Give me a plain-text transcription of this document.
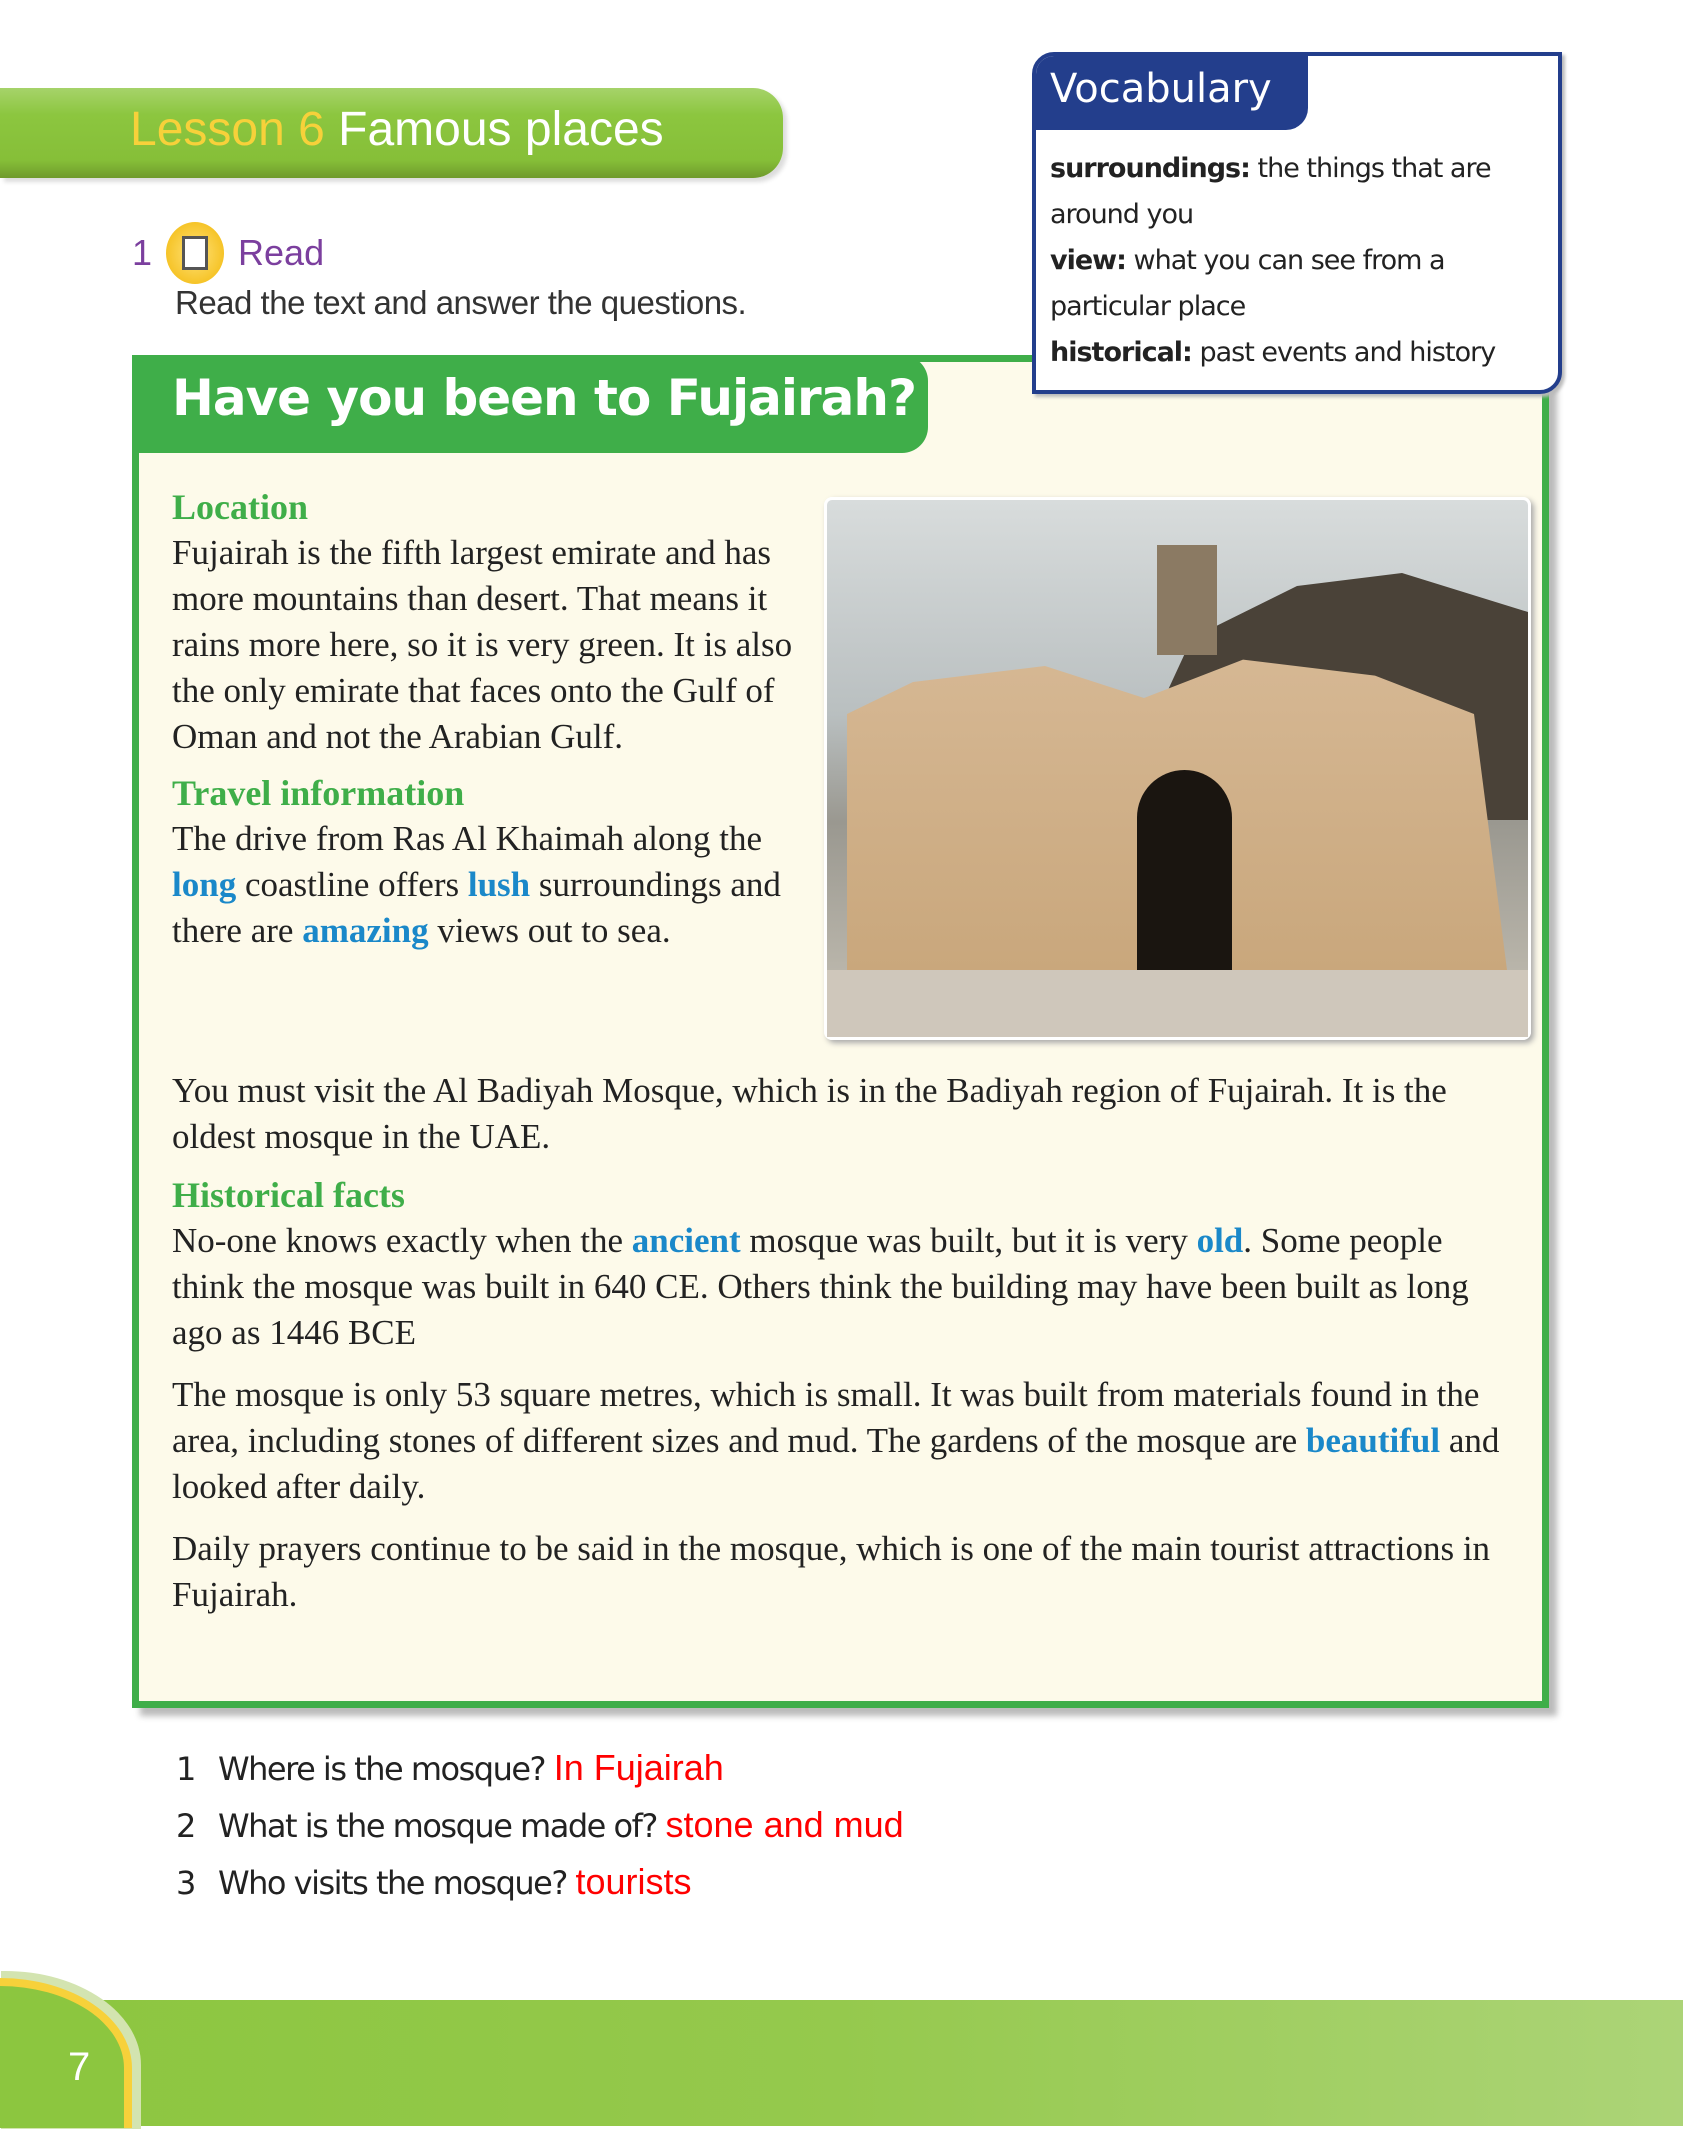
Lesson 6 Famous places
Vocabulary
surroundings: the things that are around you
view: what you can see from a particular place
historical: past events and history
1 Read
Read the text and answer the questions.
Have you been to Fujairah?
Location
Fujairah is the fifth largest emirate and has more mountains than desert. That means it rains more here, so it is very green. It is also the only emirate that faces onto the Gulf of Oman and not the Arabian Gulf.
Travel information
The drive from Ras Al Khaimah along the long coastline offers lush surroundings and there are amazing views out to sea.

You must visit the Al Badiyah Mosque, which is in the Badiyah region of Fujairah. It is the oldest mosque in the UAE.

Historical facts

No-one knows exactly when the ancient mosque was built, but it is very old. Some people think the mosque was built in 640 CE. Others think the building may have been built as long ago as 1446 BCE

The mosque is only 53 square metres, which is small. It was built from materials found in the area, including stones of different sizes and mud. The gardens of the mosque are beautiful and looked after daily.

Daily prayers continue to be said in the mosque, which is one of the main tourist attractions in Fujairah.

1 Where is the mosque? In Fujairah
2 What is the mosque made of? stone and mud
3 Who visits the mosque? tourists
7
